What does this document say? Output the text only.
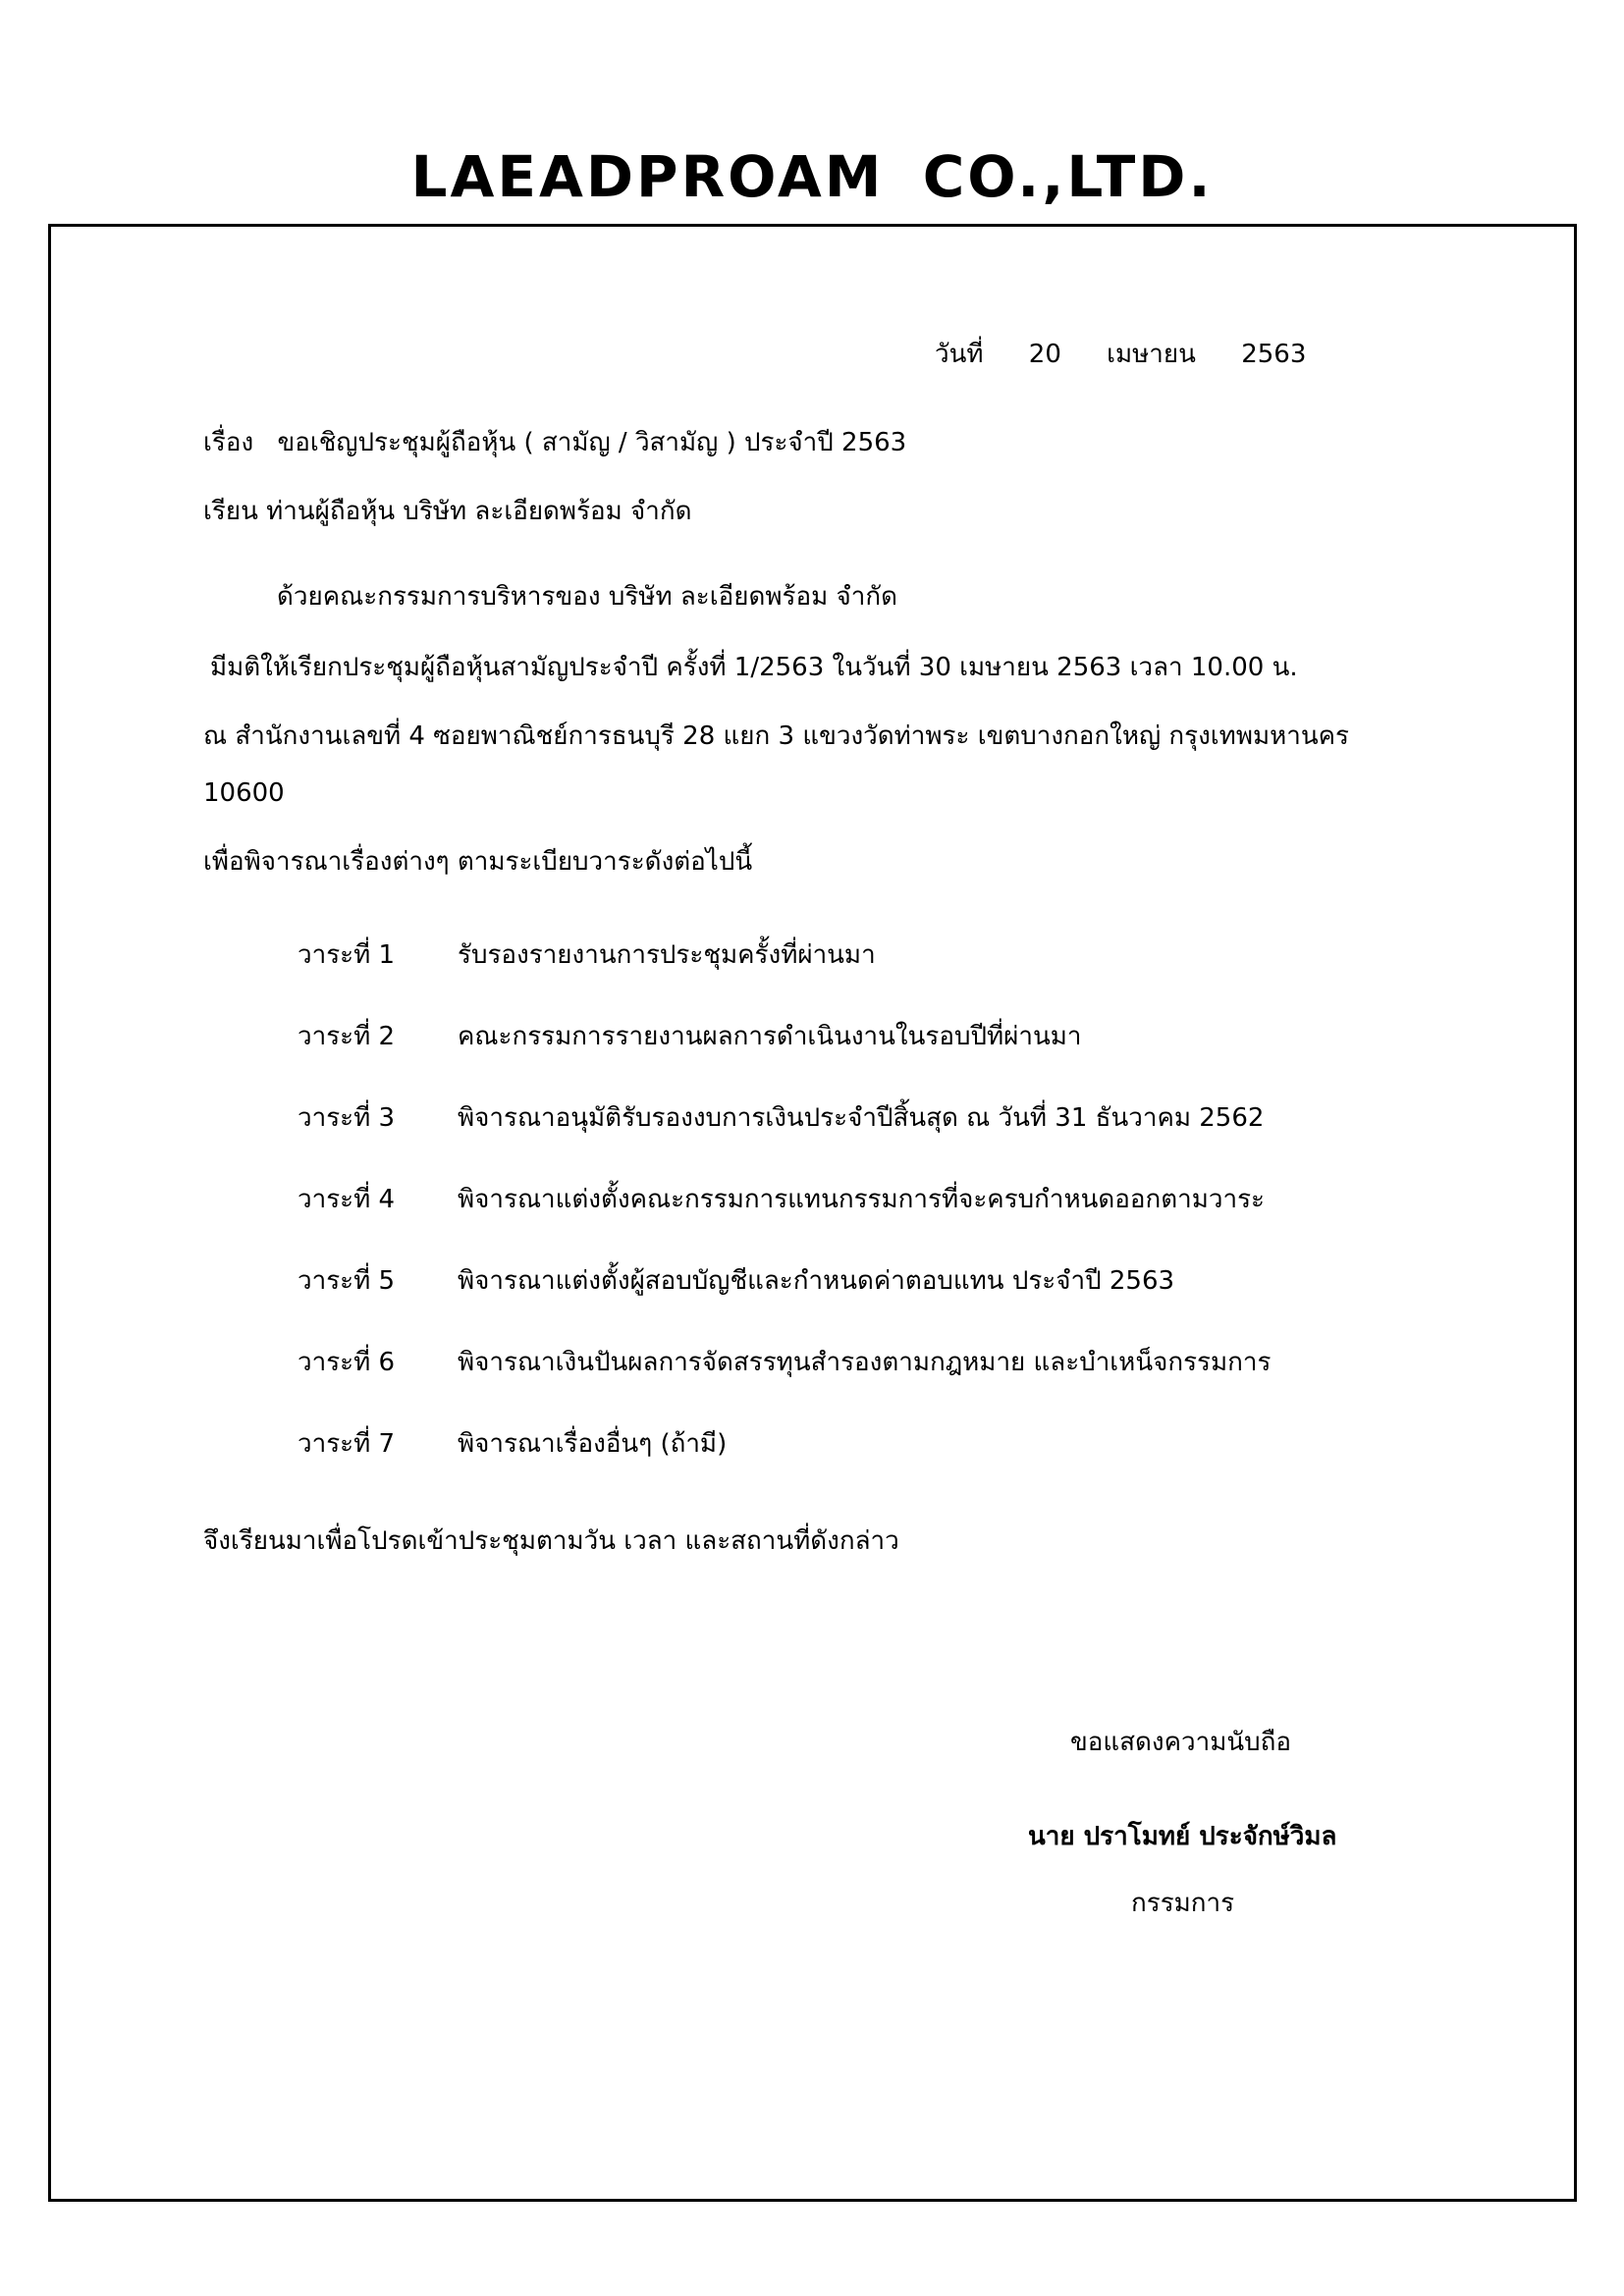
LAEADPROAM CO.,LTD.
วันที่ 20 เมษายน 2563
เรื่อง ขอเชิญประชุมผู้ถือหุ้น ( สามัญ / วิสามัญ ) ประจำปี 2563
เรียน ท่านผู้ถือหุ้น บริษัท ละเอียดพร้อม จำกัด
ด้วยคณะกรรมการบริหารของ บริษัท ละเอียดพร้อม จำกัด
มีมติให้เรียกประชุมผู้ถือหุ้นสามัญประจำปี ครั้งที่ 1/2563 ในวันที่ 30 เมษายน 2563 เวลา 10.00 น.
ณ สำนักงานเลขที่ 4 ซอยพาณิชย์การธนบุรี 28 แยก 3 แขวงวัดท่าพระ เขตบางกอกใหญ่ กรุงเทพมหานคร
10600
เพื่อพิจารณาเรื่องต่างๆ ตามระเบียบวาระดังต่อไปนี้
วาระที่ 1 รับรองรายงานการประชุมครั้งที่ผ่านมา
วาระที่ 2 คณะกรรมการรายงานผลการดำเนินงานในรอบปีที่ผ่านมา
วาระที่ 3 พิจารณาอนุมัติรับรองงบการเงินประจำปีสิ้นสุด ณ วันที่ 31 ธันวาคม 2562
วาระที่ 4 พิจารณาแต่งตั้งคณะกรรมการแทนกรรมการที่จะครบกำหนดออกตามวาระ
วาระที่ 5 พิจารณาแต่งตั้งผู้สอบบัญชีและกำหนดค่าตอบแทน ประจำปี 2563
วาระที่ 6 พิจารณาเงินปันผลการจัดสรรทุนสำรองตามกฎหมาย และบำเหน็จกรรมการ
วาระที่ 7 พิจารณาเรื่องอื่นๆ (ถ้ามี)
จึงเรียนมาเพื่อโปรดเข้าประชุมตามวัน เวลา และสถานที่ดังกล่าว
ขอแสดงความนับถือ
นาย ปราโมทย์ ประจักษ์วิมล
กรรมการ
